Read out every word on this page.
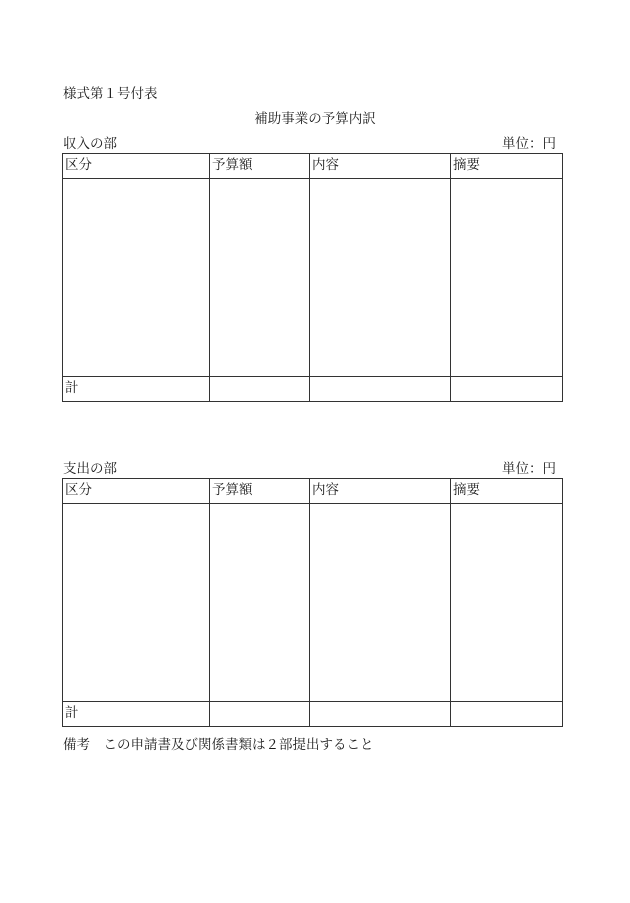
様式第１号付表
補助事業の予算内訳
収入の部	単位：円
区分	予算額	内容	摘要

計			
支出の部	単位：円
区分	予算額	内容	摘要

計			
備考　この申請書及び関係書類は２部提出すること
